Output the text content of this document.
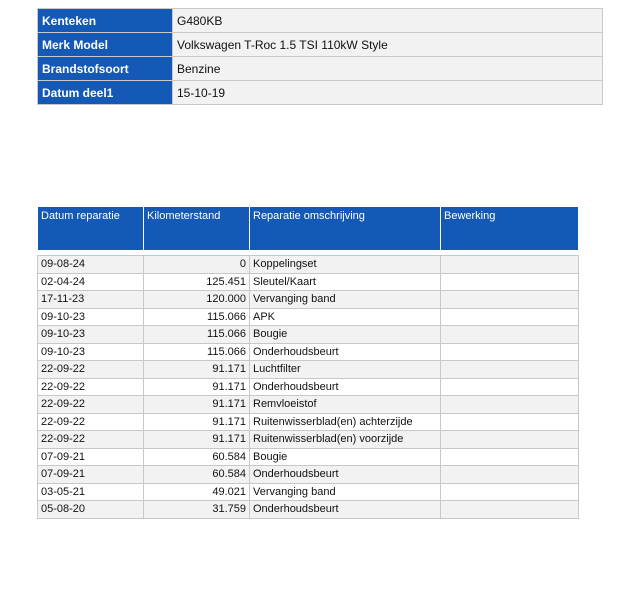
Kenteken	G480KB
Merk Model	Volkswagen T-Roc 1.5 TSI 110kW Style
Brandstofsoort	Benzine
Datum deel1	15-10-19
Datum reparatie	Kilometerstand	Reparatie omschrijving	Bewerking

09-08-24	0	Koppelingset	
02-04-24	125.451	Sleutel/Kaart	
17-11-23	120.000	Vervanging band	
09-10-23	115.066	APK	
09-10-23	115.066	Bougie	
09-10-23	115.066	Onderhoudsbeurt	
22-09-22	91.171	Luchtfilter	
22-09-22	91.171	Onderhoudsbeurt	
22-09-22	91.171	Remvloeistof	
22-09-22	91.171	Ruitenwisserblad(en) achterzijde	
22-09-22	91.171	Ruitenwisserblad(en) voorzijde	
07-09-21	60.584	Bougie	
07-09-21	60.584	Onderhoudsbeurt	
03-05-21	49.021	Vervanging band	
05-08-20	31.759	Onderhoudsbeurt	
